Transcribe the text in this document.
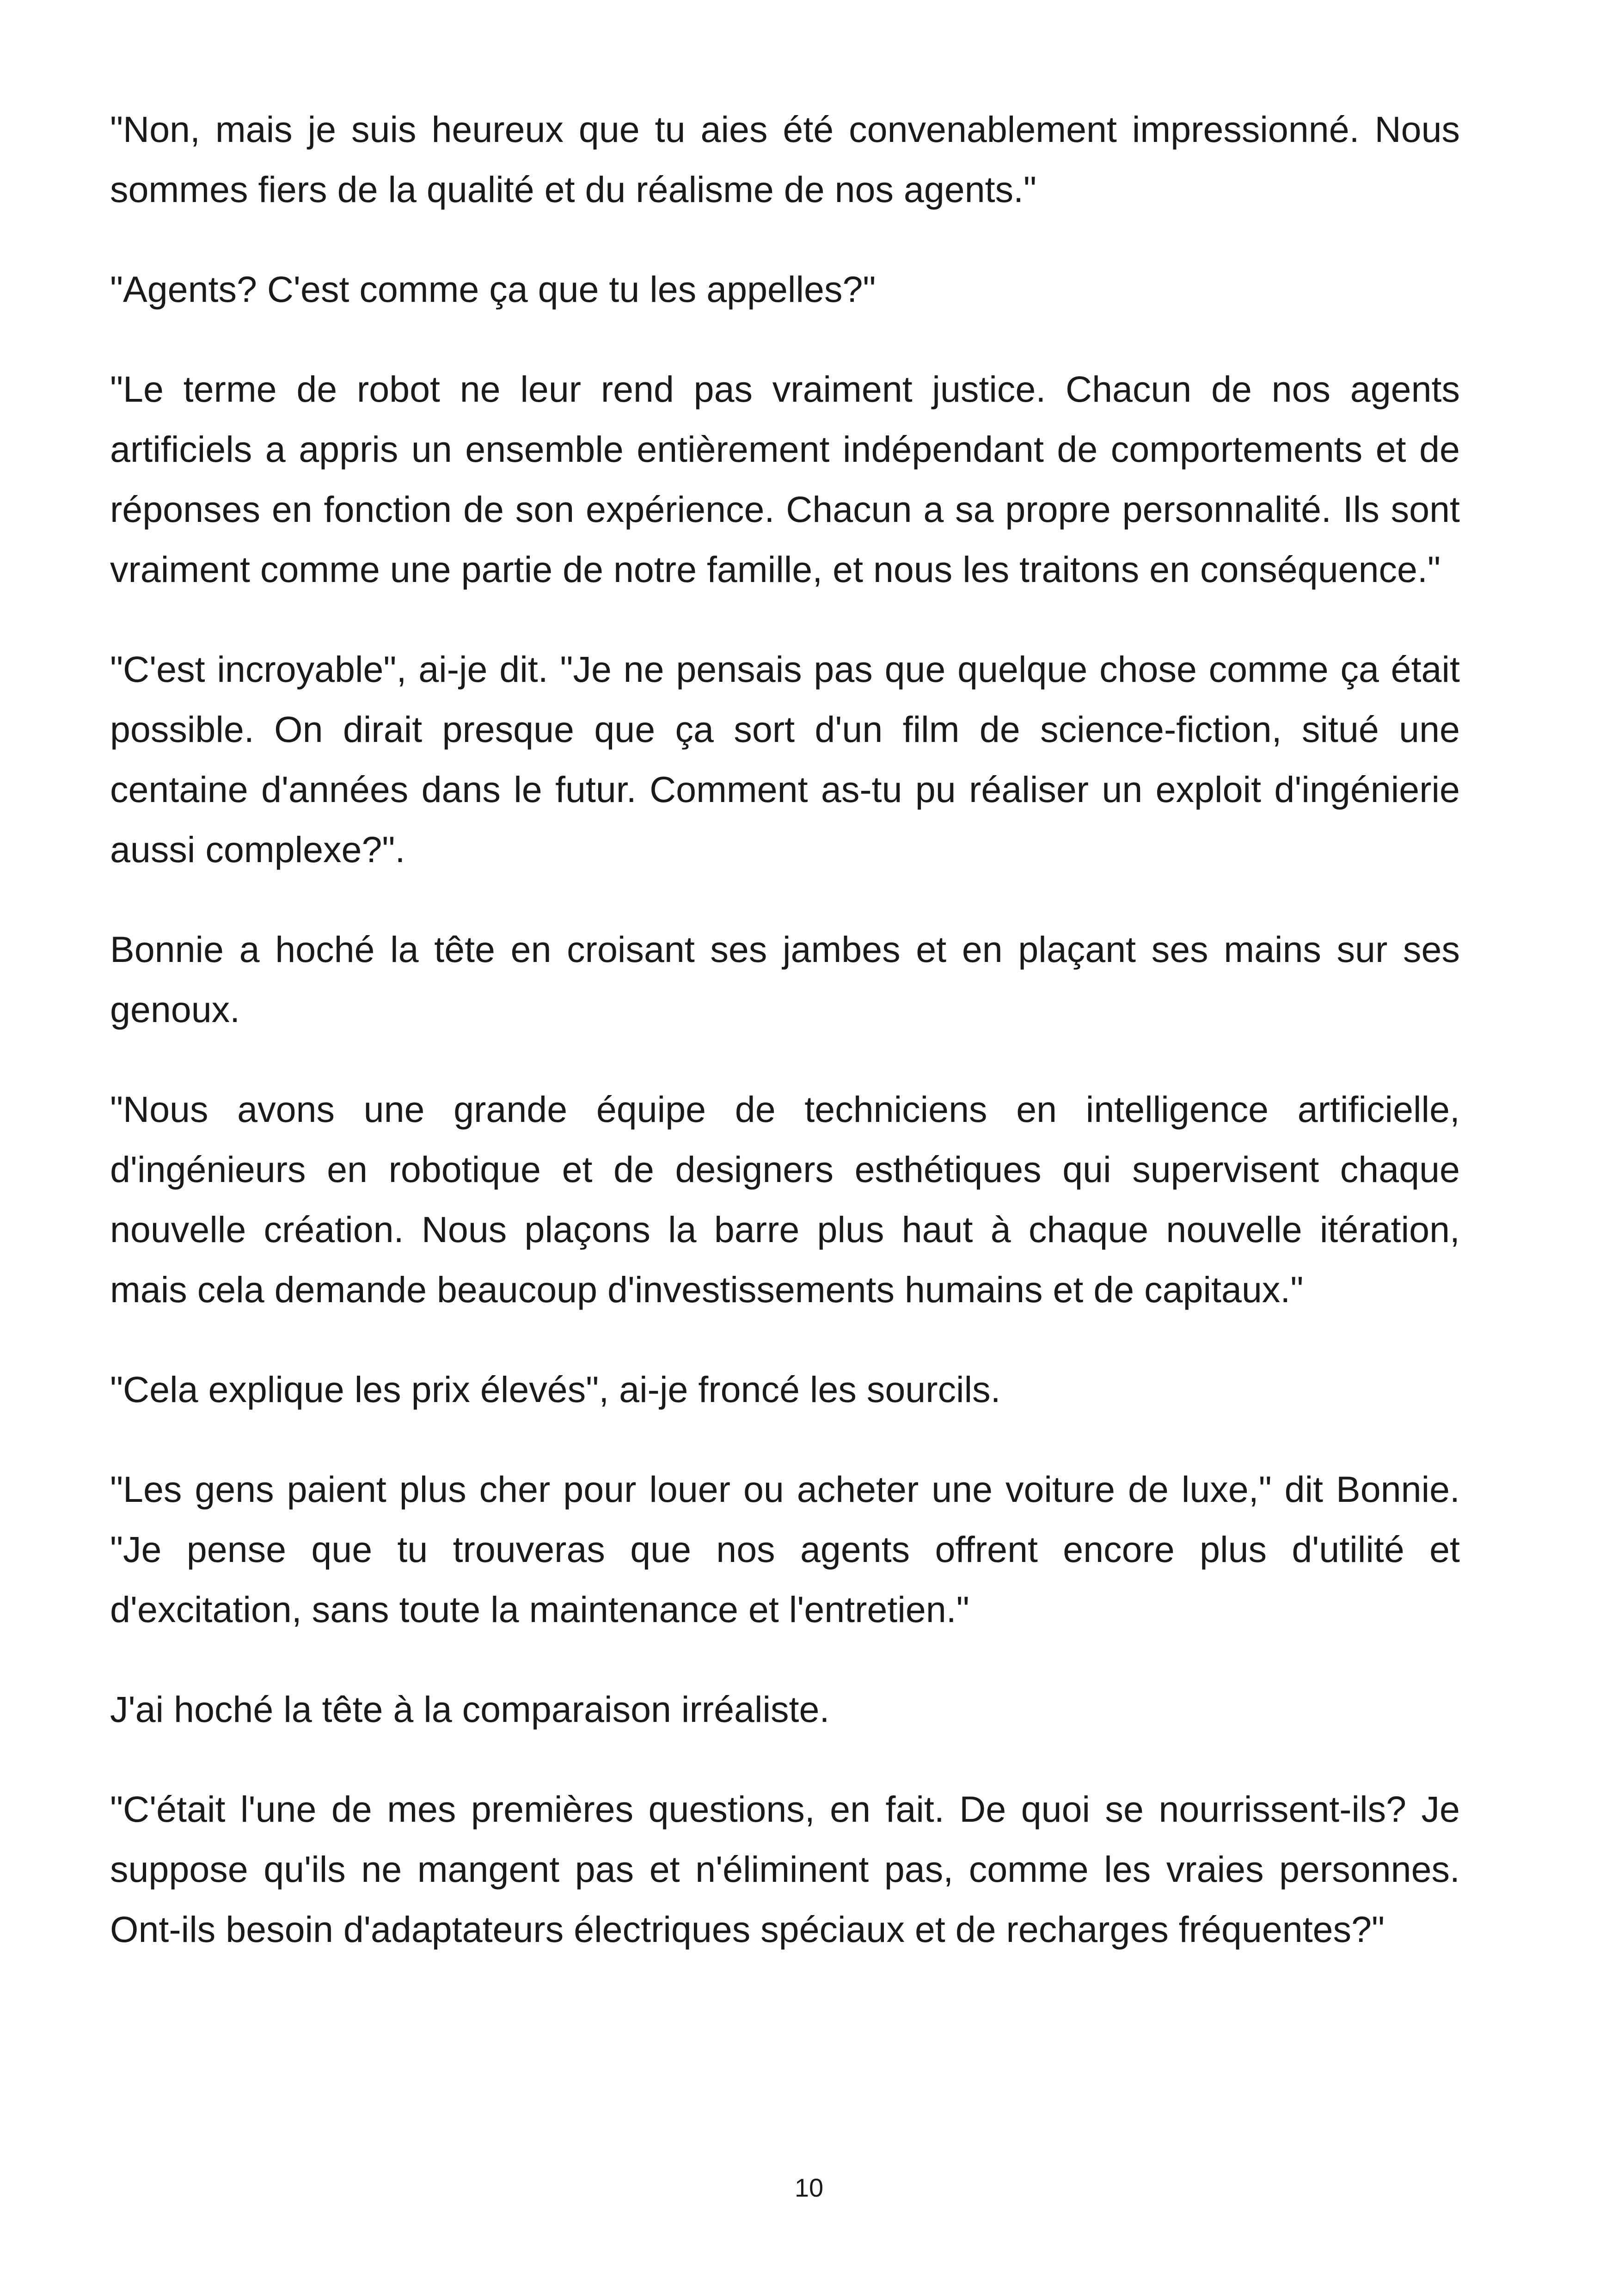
"Non, mais je suis heureux que tu aies été convenablement impressionné. Nous sommes fiers de la qualité et du réalisme de nos agents."

"Agents? C'est comme ça que tu les appelles?"

"Le terme de robot ne leur rend pas vraiment justice. Chacun de nos agents artificiels a appris un ensemble entièrement indépendant de comportements et de réponses en fonction de son expérience. Chacun a sa propre personnalité. Ils sont vraiment comme une partie de notre famille, et nous les traitons en conséquence."

"C'est incroyable", ai-je dit. "Je ne pensais pas que quelque chose comme ça était possible. On dirait presque que ça sort d'un film de science-fiction, situé une centaine d'années dans le futur. Comment as-tu pu réaliser un exploit d'ingénierie aussi complexe?".

Bonnie a hoché la tête en croisant ses jambes et en plaçant ses mains sur ses genoux.

"Nous avons une grande équipe de techniciens en intelligence artificielle, d'ingénieurs en robotique et de designers esthétiques qui supervisent chaque nouvelle création. Nous plaçons la barre plus haut à chaque nouvelle itération, mais cela demande beaucoup d'investissements humains et de capitaux."

"Cela explique les prix élevés", ai-je froncé les sourcils.

"Les gens paient plus cher pour louer ou acheter une voiture de luxe," dit Bonnie. "Je pense que tu trouveras que nos agents offrent encore plus d'utilité et d'excitation, sans toute la maintenance et l'entretien."

J'ai hoché la tête à la comparaison irréaliste.

"C'était l'une de mes premières questions, en fait. De quoi se nourrissent-ils? Je suppose qu'ils ne mangent pas et n'éliminent pas, comme les vraies personnes. Ont-ils besoin d'adaptateurs électriques spéciaux et de recharges fréquentes?"

10
